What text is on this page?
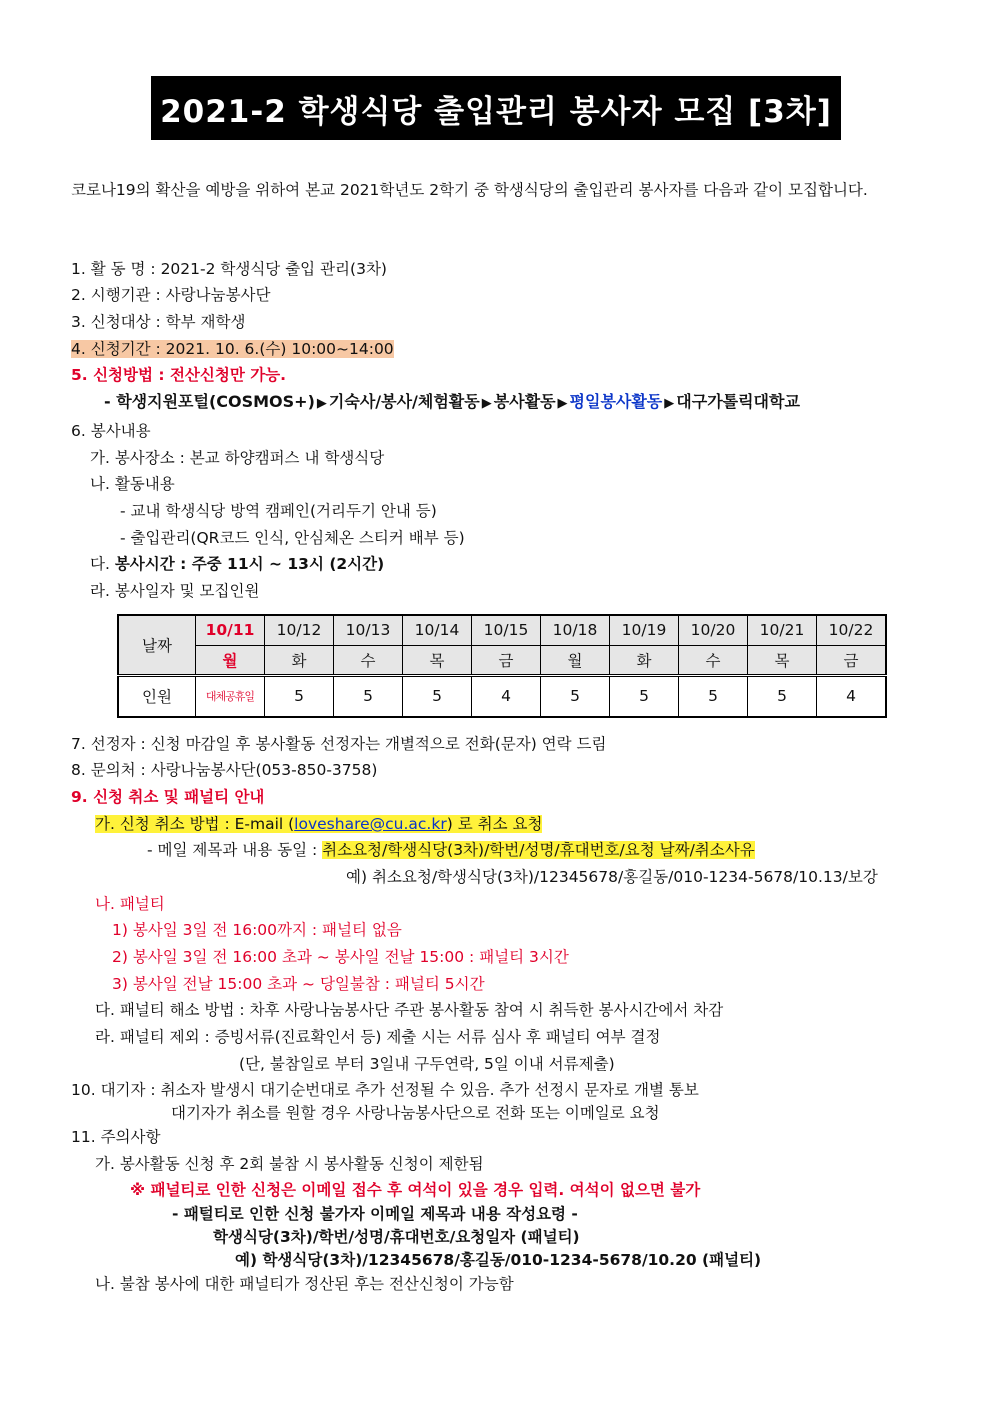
2021-2 학생식당 출입관리 봉사자 모집 [3차]
코로나19의 확산을 예방을 위하여 본교 2021학년도 2학기 중 학생식당의 출입관리 봉사자를 다음과 같이 모집합니다.
1. 활 동 명 : 2021-2 학생식당 출입 관리(3차)
2. 시행기관 : 사랑나눔봉사단
3. 신청대상 : 학부 재학생
4. 신청기간 : 2021. 10. 6.(수) 10:00~14:00
5. 신청방법 : 전산신청만 가능.
- 학생지원포털(COSMOS+) ▶ 기숙사/봉사/체험활동 ▶ 봉사활동 ▶ 평일봉사활동 ▶ 대구가톨릭대학교
6. 봉사내용
가. 봉사장소 : 본교 하양캠퍼스 내 학생식당
나. 활동내용
- 교내 학생식당 방역 캠페인(거리두기 안내 등)
- 출입관리(QR코드 인식, 안심체온 스티커 배부 등)
다. 봉사시간 : 주중 11시 ~ 13시 (2시간)
라. 봉사일자 및 모집인원
날짜	10/11	10/12	10/13	10/14	10/15	10/18	10/19	10/20	10/21	10/22
	월	화	수	목	금	월	화	수	목	금
인원	대체공휴일	5	5	5	4	5	5	5	5	4
7. 선정자 : 신청 마감일 후 봉사활동 선정자는 개별적으로 전화(문자) 연락 드림
8. 문의처 : 사랑나눔봉사단(053-850-3758)
9. 신청 취소 및 패널티 안내
가. 신청 취소 방법 : E-mail (loveshare@cu.ac.kr) 로 취소 요청
- 메일 제목과 내용 동일 : 취소요청/학생식당(3차)/학번/성명/휴대번호/요청 날짜/취소사유
예) 취소요청/학생식당(3차)/12345678/홍길동/010-1234-5678/10.13/보강
나. 패널티
1) 봉사일 3일 전 16:00까지 : 패널티 없음
2) 봉사일 3일 전 16:00 초과 ~ 봉사일 전날 15:00 : 패널티 3시간
3) 봉사일 전날 15:00 초과 ~ 당일불참 : 패널티 5시간
다. 패널티 해소 방법 : 차후 사랑나눔봉사단 주관 봉사활동 참여 시 취득한 봉사시간에서 차감
라. 패널티 제외 : 증빙서류(진료확인서 등) 제출 시는 서류 심사 후 패널티 여부 결정
(단, 불참일로 부터 3일내 구두연락, 5일 이내 서류제출)
10. 대기자 : 취소자 발생시 대기순번대로 추가 선정될 수 있음. 추가 선정시 문자로 개별 통보
대기자가 취소를 원할 경우 사랑나눔봉사단으로 전화 또는 이메일로 요청
11. 주의사항
가. 봉사활동 신청 후 2회 불참 시 봉사활동 신청이 제한됨
※ 패널티로 인한 신청은 이메일 접수 후 여석이 있을 경우 입력. 여석이 없으면 불가
- 패털티로 인한 신청 불가자 이메일 제목과 내용 작성요령 -
학생식당(3차)/학번/성명/휴대번호/요청일자 (패널티)
예) 학생식당(3차)/12345678/홍길동/010-1234-5678/10.20 (패널티)
나. 불참 봉사에 대한 패널티가 정산된 후는 전산신청이 가능함
